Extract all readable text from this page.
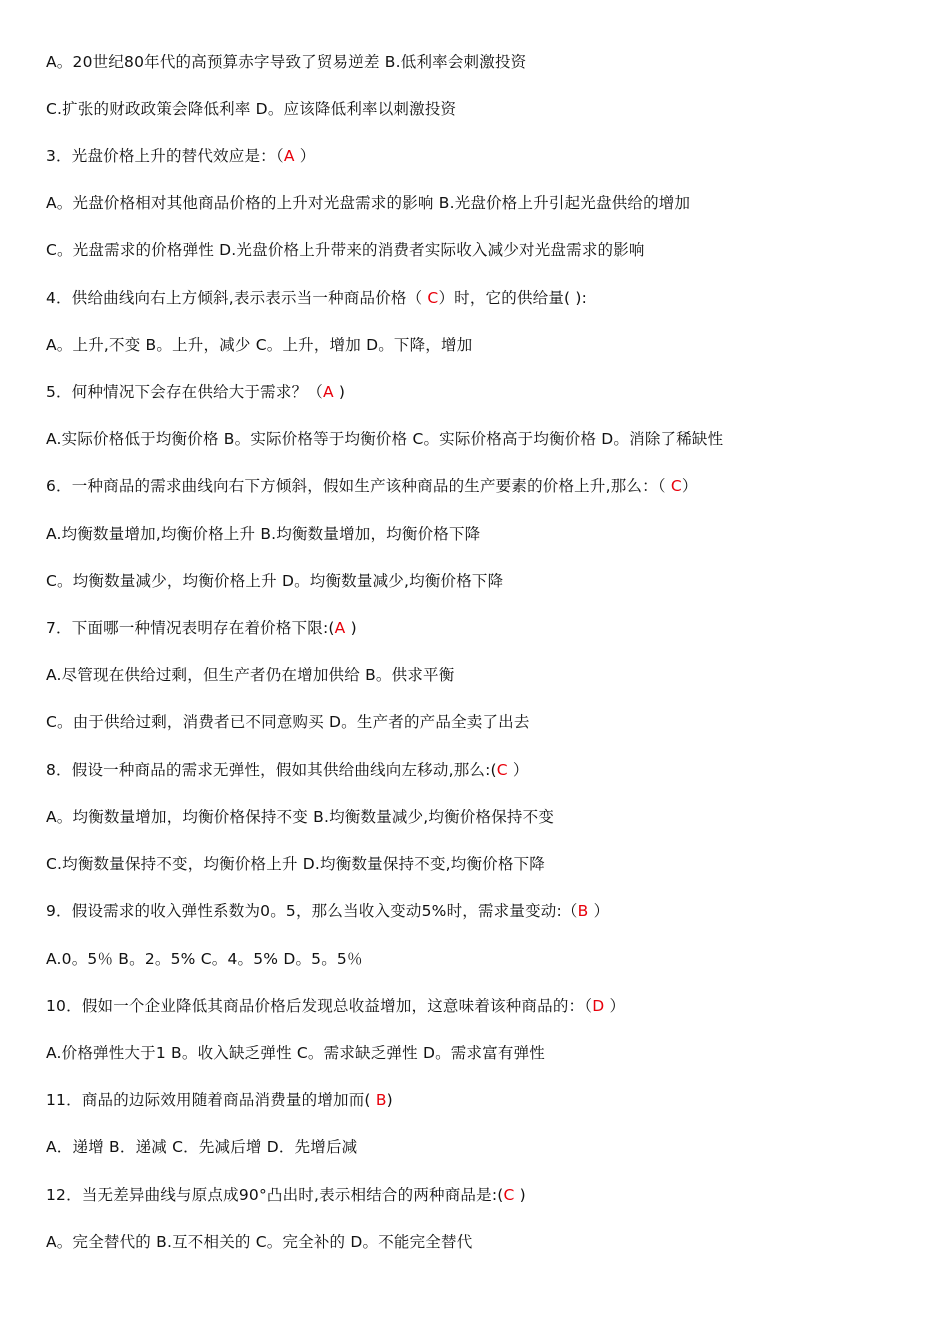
A。20世纪80年代的高预算赤字导致了贸易逆差 B.低利率会刺激投资
C.扩张的财政政策会降低利率 D。应该降低利率以刺激投资
3．光盘价格上升的替代效应是：（A ）
A。光盘价格相对其他商品价格的上升对光盘需求的影响 B.光盘价格上升引起光盘供给的增加
C。光盘需求的价格弹性 D.光盘价格上升带来的消费者实际收入减少对光盘需求的影响
4．供给曲线向右上方倾斜,表示表示当一种商品价格（ C）时，它的供给量( ):
A。上升,不变 B。上升，减少 C。上升，增加 D。下降，增加
5．何种情况下会存在供给大于需求？（A )
A.实际价格低于均衡价格 B。实际价格等于均衡价格 C。实际价格高于均衡价格 D。消除了稀缺性
6．一种商品的需求曲线向右下方倾斜，假如生产该种商品的生产要素的价格上升,那么：（ C）
A.均衡数量增加,均衡价格上升 B.均衡数量增加，均衡价格下降
C。均衡数量减少，均衡价格上升 D。均衡数量减少,均衡价格下降
7．下面哪一种情况表明存在着价格下限:(A )
A.尽管现在供给过剩，但生产者仍在增加供给 B。供求平衡
C。由于供给过剩，消费者已不同意购买 D。生产者的产品全卖了出去
8．假设一种商品的需求无弹性，假如其供给曲线向左移动,那么:(C ）
A。均衡数量增加，均衡价格保持不变 B.均衡数量减少,均衡价格保持不变
C.均衡数量保持不变，均衡价格上升 D.均衡数量保持不变,均衡价格下降
9．假设需求的收入弹性系数为0。5，那么当收入变动5%时，需求量变动:（B ）
A.0。5％ B。2。5% C。4。5% D。5。5％
10．假如一个企业降低其商品价格后发现总收益增加，这意味着该种商品的：（D ）
A.价格弹性大于1 B。收入缺乏弹性 C。需求缺乏弹性 D。需求富有弹性
11．商品的边际效用随着商品消费量的增加而( B)
A．递增 B．递减 C．先减后增 D．先增后减
12．当无差异曲线与原点成90°凸出时,表示相结合的两种商品是:(C )
A。完全替代的 B.互不相关的 C。完全补的 D。不能完全替代
